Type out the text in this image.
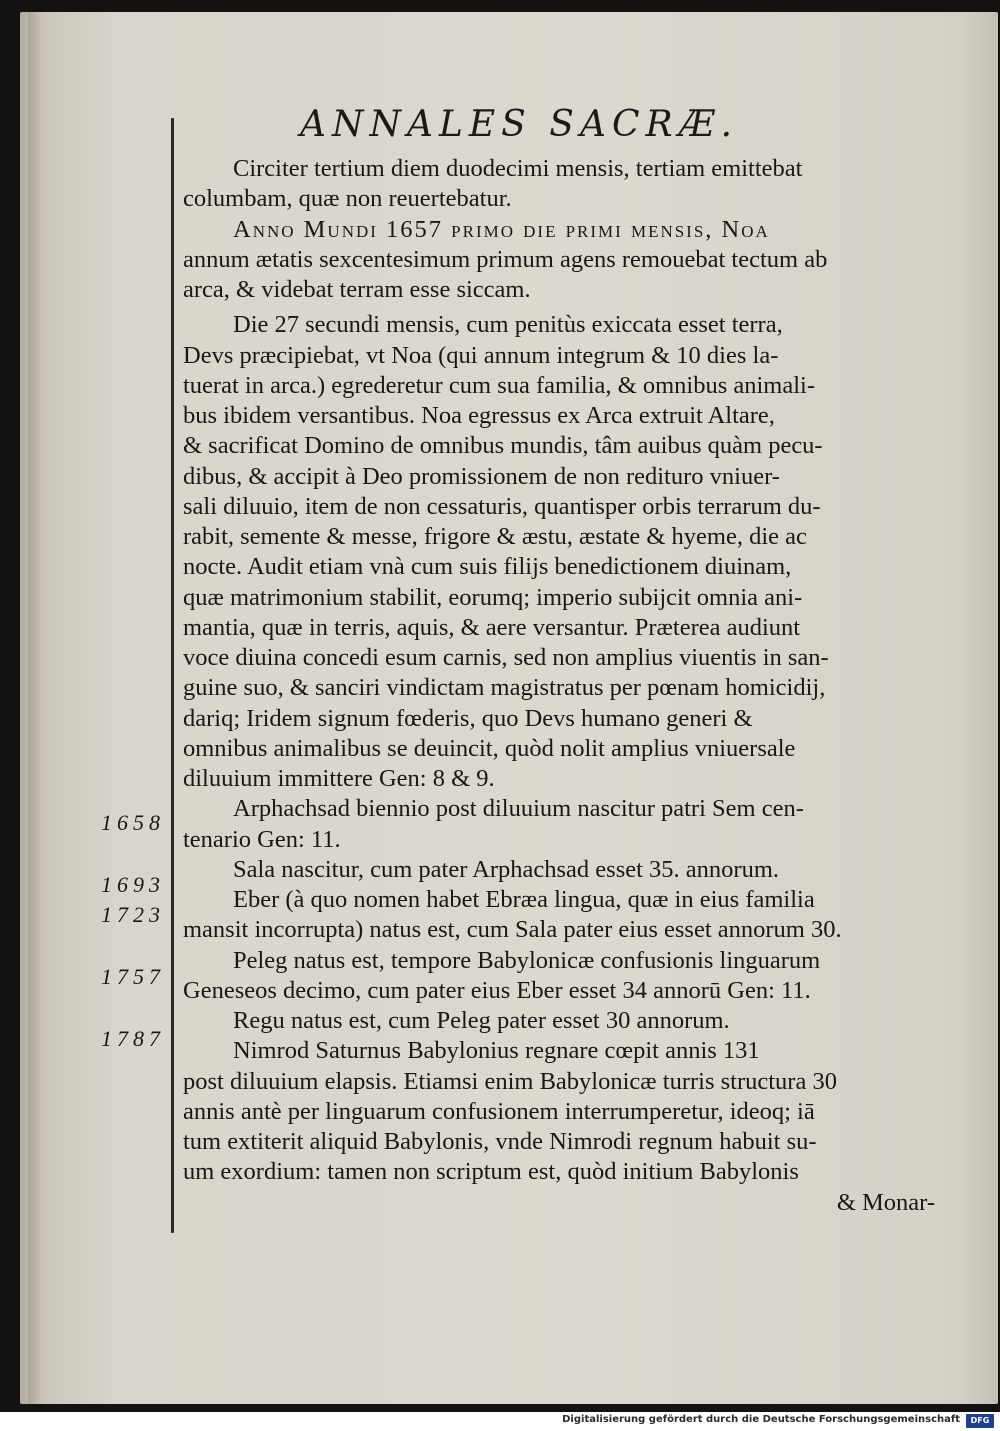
ANNALES SACRÆ.
Circiter tertium diem duodecimi mensis, tertiam emittebat
columbam, quæ non reuertebatur.
Anno Mundi 1657 primo die primi mensis, Noa
annum ætatis sexcentesimum primum agens remouebat tectum ab
arca, & videbat terram esse siccam.
Die 27 secundi mensis, cum penitùs exiccata esset terra,
Devs præcipiebat, vt Noa (qui annum integrum & 10 dies la-
tuerat in arca.) egrederetur cum sua familia, & omnibus animali-
bus ibidem versantibus. Noa egressus ex Arca extruit Altare,
& sacrificat Domino de omnibus mundis, tâm auibus quàm pecu-
dibus, & accipit à Deo promissionem de non redituro vniuer-
sali diluuio, item de non cessaturis, quantisper orbis terrarum du-
rabit, semente & messe, frigore & æstu, æstate & hyeme, die ac
nocte. Audit etiam vnà cum suis filijs benedictionem diuinam,
quæ matrimonium stabilit, eorumq; imperio subijcit omnia ani-
mantia, quæ in terris, aquis, & aere versantur. Præterea audiunt
voce diuina concedi esum carnis, sed non amplius viuentis in san-
guine suo, & sanciri vindictam magistratus per pœnam homicidij,
dariq; Iridem signum fœderis, quo Devs humano generi &
omnibus animalibus se deuincit, quòd nolit amplius vniuersale
diluuium immittere Gen: 8 & 9.
Arphachsad biennio post diluuium nascitur patri Sem cen-
tenario Gen: 11.
Sala nascitur, cum pater Arphachsad esset 35. annorum.
Eber (à quo nomen habet Ebræa lingua, quæ in eius familia
mansit incorrupta) natus est, cum Sala pater eius esset annorum 30.
Peleg natus est, tempore Babylonicæ confusionis linguarum
Geneseos decimo, cum pater eius Eber esset 34 annorū Gen: 11.
Regu natus est, cum Peleg pater esset 30 annorum.
Nimrod Saturnus Babylonius regnare cœpit annis 131
post diluuium elapsis. Etiamsi enim Babylonicæ turris structura 30
annis antè per linguarum confusionem interrumperetur, ideoq; iā
tum extiterit aliquid Babylonis, vnde Nimrodi regnum habuit su-
um exordium: tamen non scriptum est, quòd initium Babylonis
& Monar-
1658
1693
1723
1757
1787
Digitalisierung gefördert durch die Deutsche Forschungsgemeinschaft	DFG
